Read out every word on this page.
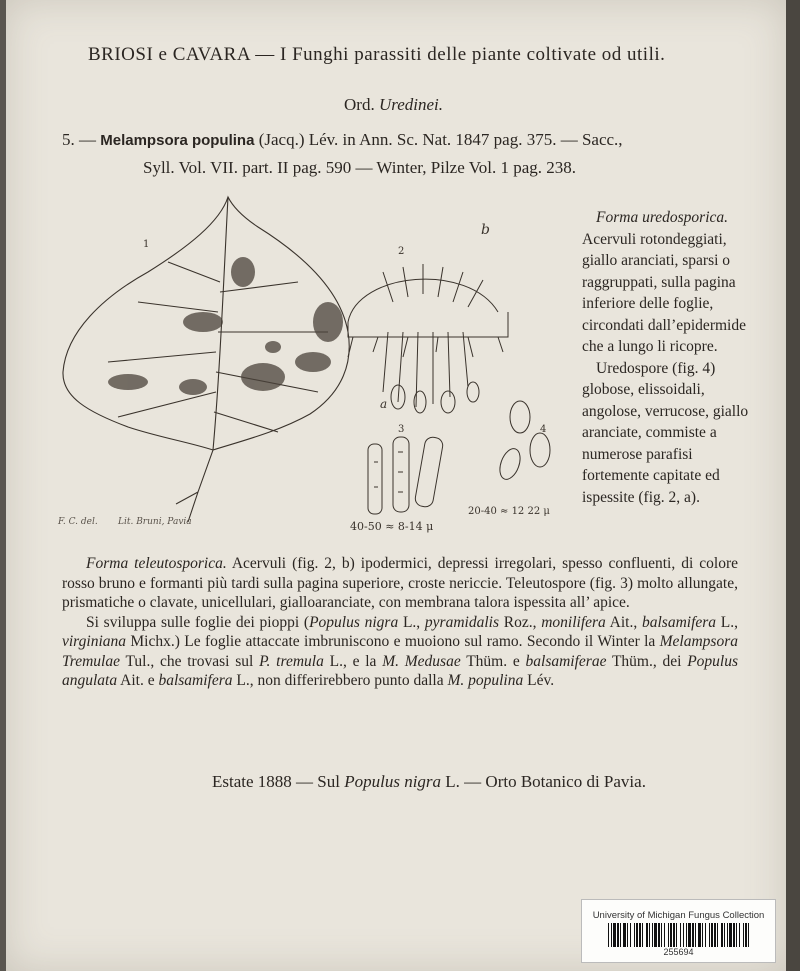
BRIOSI e CAVARA — I Funghi parassiti delle piante coltivate od utili.
Ord. Uredinei.
5. — Melampsora populina (Jacq.) Lév. in Ann. Sc. Nat. 1847 pag. 375. — Sacc.,
Syll. Vol. VII. part. II pag. 590 — Winter, Pilze Vol. 1 pag. 238.
1
2
b
a
3	4
20-40 ≈ 12 22 μ
40-50 ≈ 8-14 μ
F. C. del. Lit. Bruni, Pavia

Forma uredosporica. Acervuli rotondeggiati, giallo aranciati, sparsi o raggruppati, sulla pagina inferiore delle foglie, circondati dall’epidermide che a lungo li ricopre.

Uredospore (fig. 4) globose, elissoidali, angolose, verrucose, giallo aranciate, commiste a numerose parafisi fortemente capitate ed ispessite (fig. 2, a).

Forma teleutosporica. Acervuli (fig. 2, b) ipodermici, depressi irregolari, spesso confluenti, di colore rosso bruno e formanti più tardi sulla pagina superiore, croste nericcie. Teleutospore (fig. 3) molto allungate, prismatiche o clavate, unicellulari, gialloaranciate, con membrana talora ispessita all’ apice.

Si sviluppa sulle foglie dei pioppi (Populus nigra L., pyramidalis Roz., monilifera Ait., balsamifera L., virginiana Michx.) Le foglie attaccate imbruniscono e muoiono sul ramo. Secondo il Winter la Melampsora Tremulae Tul., che trovasi sul P. tremula L., e la M. Medusae Thüm. e balsamiferae Thüm., dei Populus angulata Ait. e balsamifera L., non differirebbero punto dalla M. populina Lév.

Estate 1888 — Sul Populus nigra L. — Orto Botanico di Pavia.
University of Michigan Fungus Collection
255694
